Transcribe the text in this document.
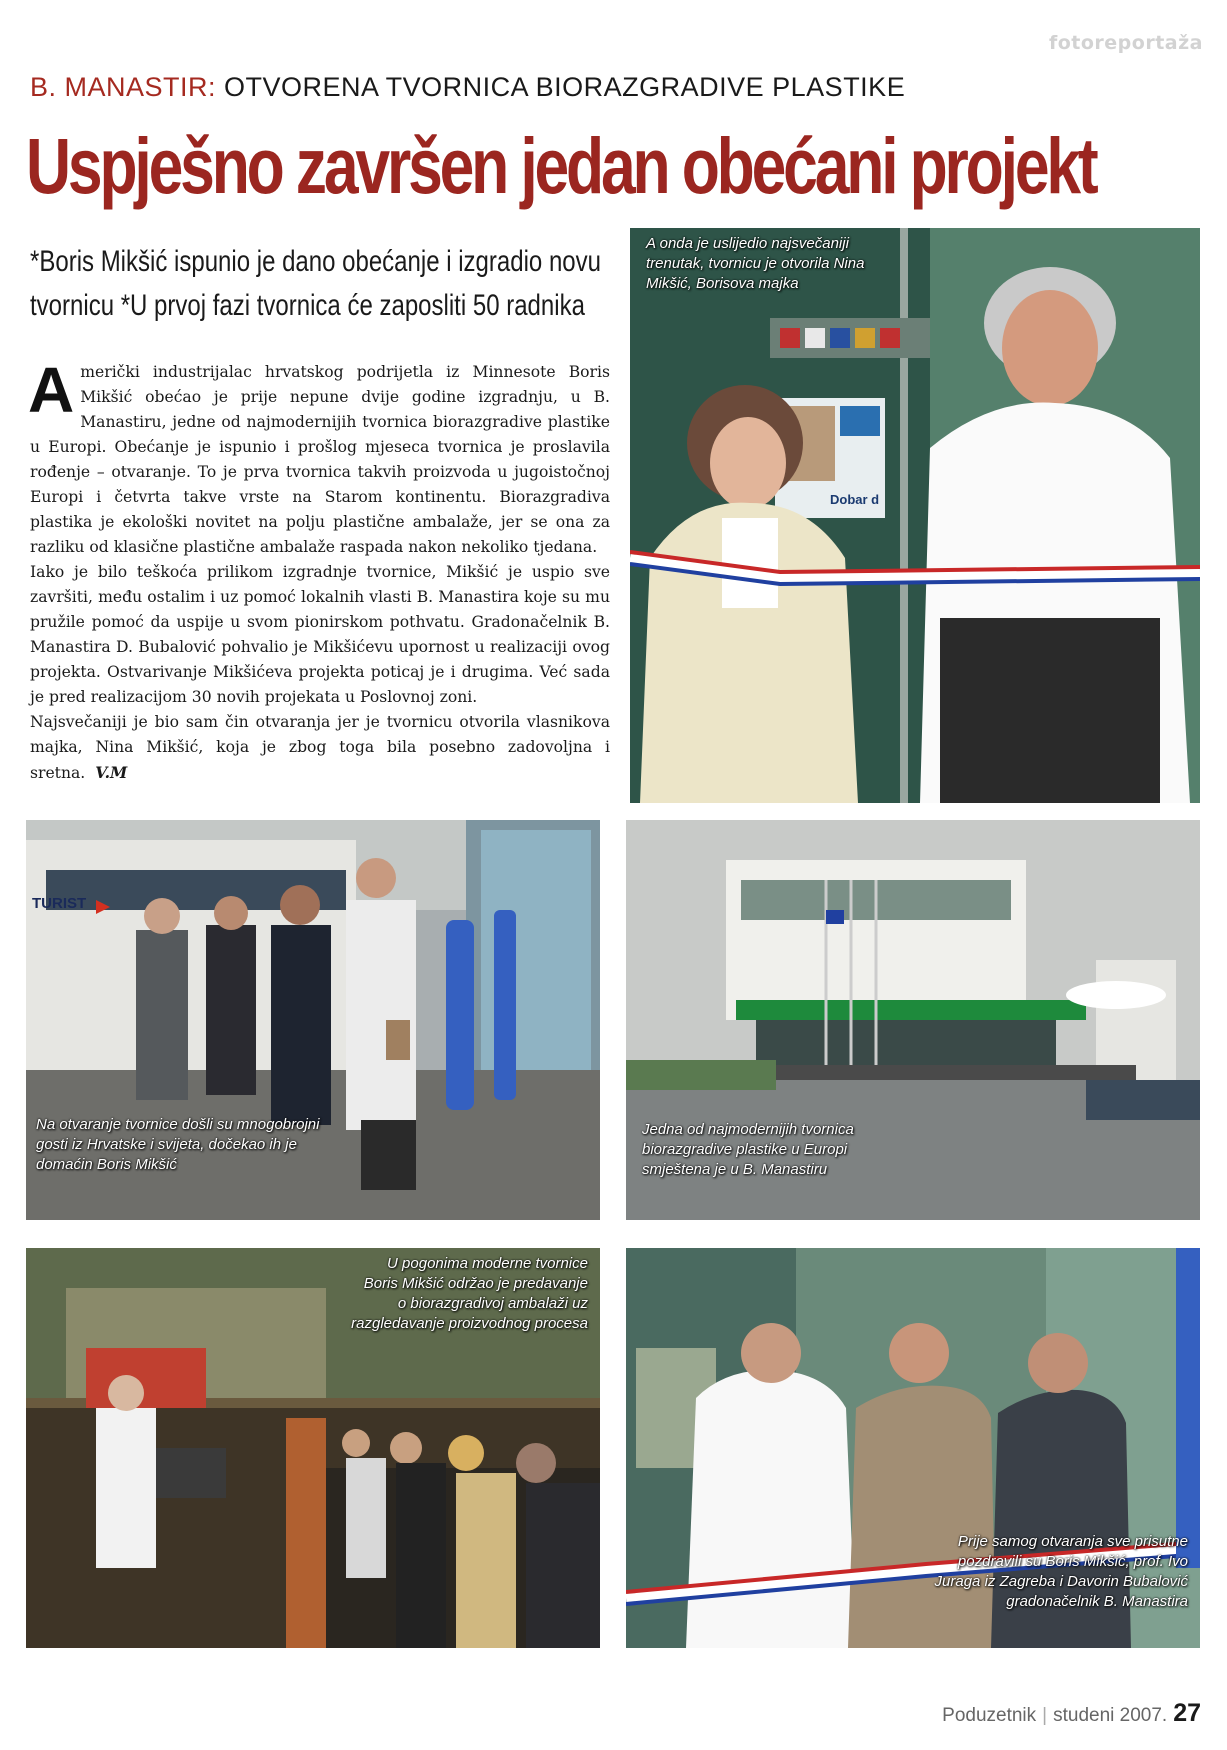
fotoreportaža
B. MANASTIR: OTVORENA TVORNICA BIORAZGRADIVE PLASTIKE
Uspješno završen jedan obećani projekt
*Boris Mikšić ispunio je dano obećanje i izgradio novu tvornicu *U prvoj fazi tvornica će zaposliti 50 radnika

Američki industrijalac hrvatskog podrijetla iz Minnesote Boris Mikšić obećao je prije nepune dvije godine izgradnju, u B. Manastiru, jedne od najmodernijih tvornica biorazgradive plastike u Europi. Obećanje je ispunio i prošlog mjeseca tvornica je proslavila rođenje – otvaranje. To je prva tvornica takvih proizvoda u jugoistočnoj Europi i četvrta takve vrste na Starom kontinentu. Biorazgradiva plastika je ekološki novitet na polju plastične ambalaže, jer se ona za razliku od klasične plastične ambalaže raspada nakon nekoliko tjedana.

Iako je bilo teškoća prilikom izgradnje tvornice, Mikšić je uspio sve završiti, među ostalim i uz pomoć lokalnih vlasti B. Manastira koje su mu pružile pomoć da uspije u svom pionirskom pothvatu. Gradonačelnik B. Manastira D. Bubalović pohvalio je Mikšićevu upornost u realizaciji ovog projekta. Ostvarivanje Mikšićeva projekta poticaj je i drugima. Već sada je pred realizacijom 30 novih projekata u Poslovnoj zoni.

Najsvečaniji je bio sam čin otvaranja jer je tvornicu otvorila vlasnikova majka, Nina Mikšić, koja je zbog toga bila posebno zadovoljna i sretna. V.M

Dobar d
A onda je uslijedio najsvečaniji
trenutak, tvornicu je otvorila Nina
Mikšić, Borisova majka
TURIST
Na otvaranje tvornice došli su mnogobrojni
gosti iz Hrvatske i svijeta, dočekao ih je
domaćin Boris Mikšić
Jedna od najmodernijih tvornica
biorazgradive plastike u Europi
smještena je u B. Manastiru
U pogonima moderne tvornice
Boris Mikšić održao je predavanje
o biorazgradivoj ambalaži uz
razgledavanje proizvodnog procesa
Prije samog otvaranja sve prisutne
pozdravili su Boris Mikšić, prof. Ivo
Juraga iz Zagreba i Davorin Bubalović
gradonačelnik B. Manastira
Poduzetnik | studeni 2007. 27
